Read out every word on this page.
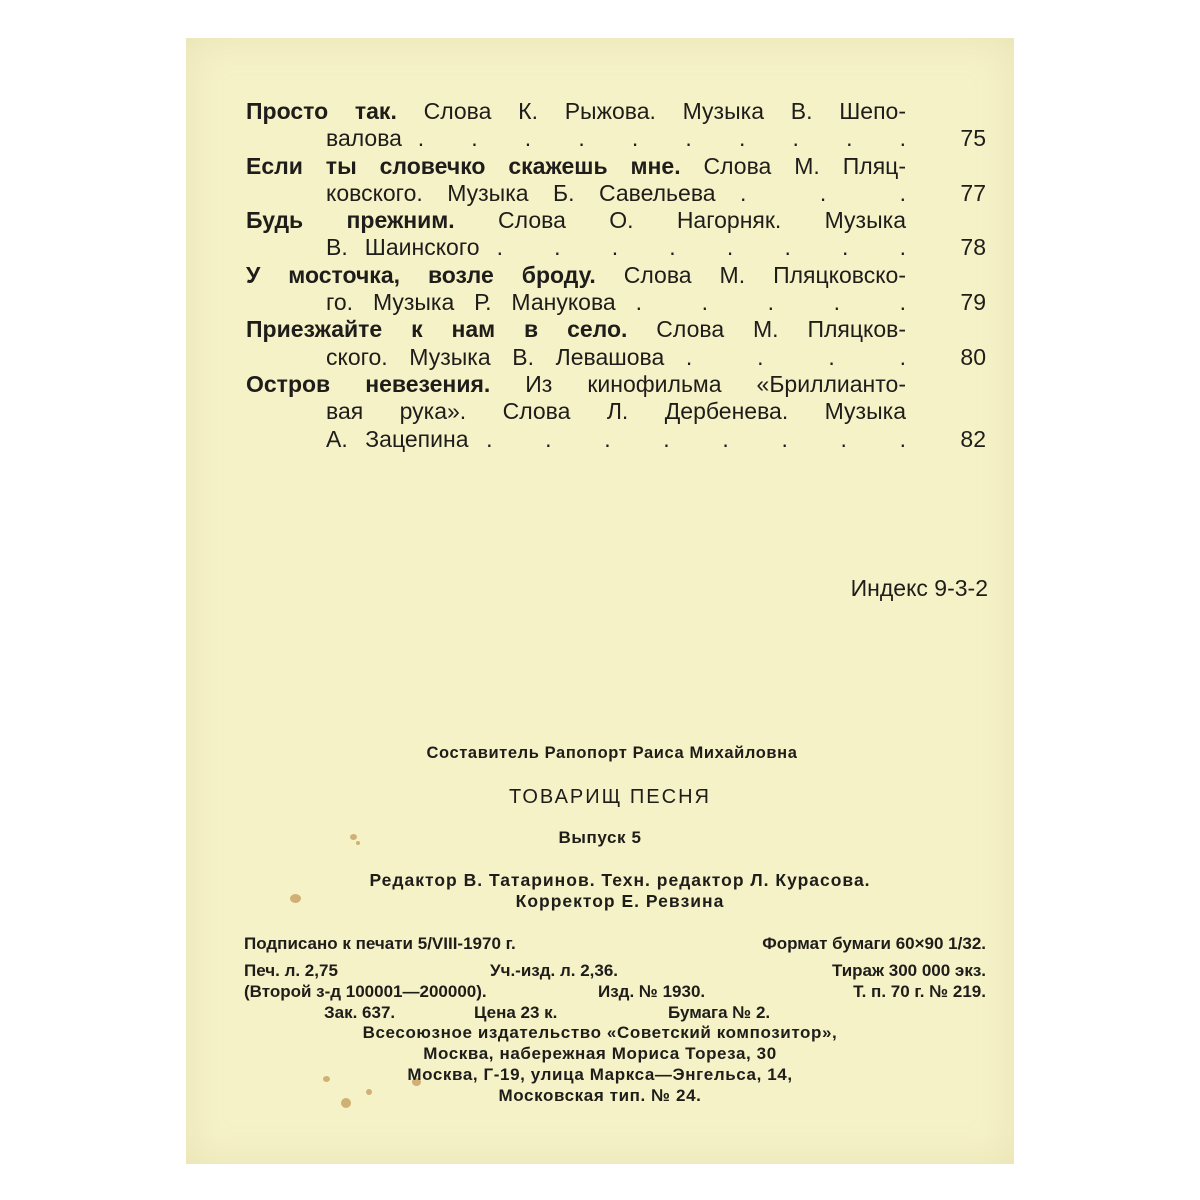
Просто так. Слова К. Рыжова. Музыка В. Шепо-
валова .   .   .   .   .   .   .   .   .   . 75
Если ты словечко скажешь мне. Слова М. Пляц-
ковского. Музыка Б. Савельева .   .   . 77
Будь прежним. Слова О. Нагорняк. Музыка
В. Шаинского .   .   .   .   .   .   .   . 78
У мосточка, возле броду. Слова М. Пляцковско-
го. Музыка Р. Манукова .   .   .   .   . 79
Приезжайте к нам в село. Слова М. Пляцков-
ского. Музыка В. Левашова .   .   .   . 80
Остров невезения. Из кинофильма «Бриллианто-
вая рука». Слова Л. Дербенева. Музыка
А. Зацепина .   .   .   .   .   .   .   . 82
Индекс 9-3-2
Составитель Рапопорт Раиса Михайловна
ТОВАРИЩ ПЕСНЯ
Выпуск 5
Редактор В. Татаринов. Техн. редактор Л. Курасова.
Корректор Е. Ревзина
Подписано к печати 5/VIII-1970 г.	Формат бумаги 60×90 1/32.
Печ. л. 2,75	Уч.-изд. л. 2,36.	Тираж 300 000 экз.
(Второй з-д 100001—200000).	Изд. № 1930.	Т. п. 70 г. № 219.
Зак. 637.	Цена 23 к.	Бумага № 2.
Всесоюзное издательство «Советский композитор»,
Москва, набережная Мориса Тореза, 30
Москва, Г-19, улица Маркса—Энгельса, 14,
Московская тип. № 24.
